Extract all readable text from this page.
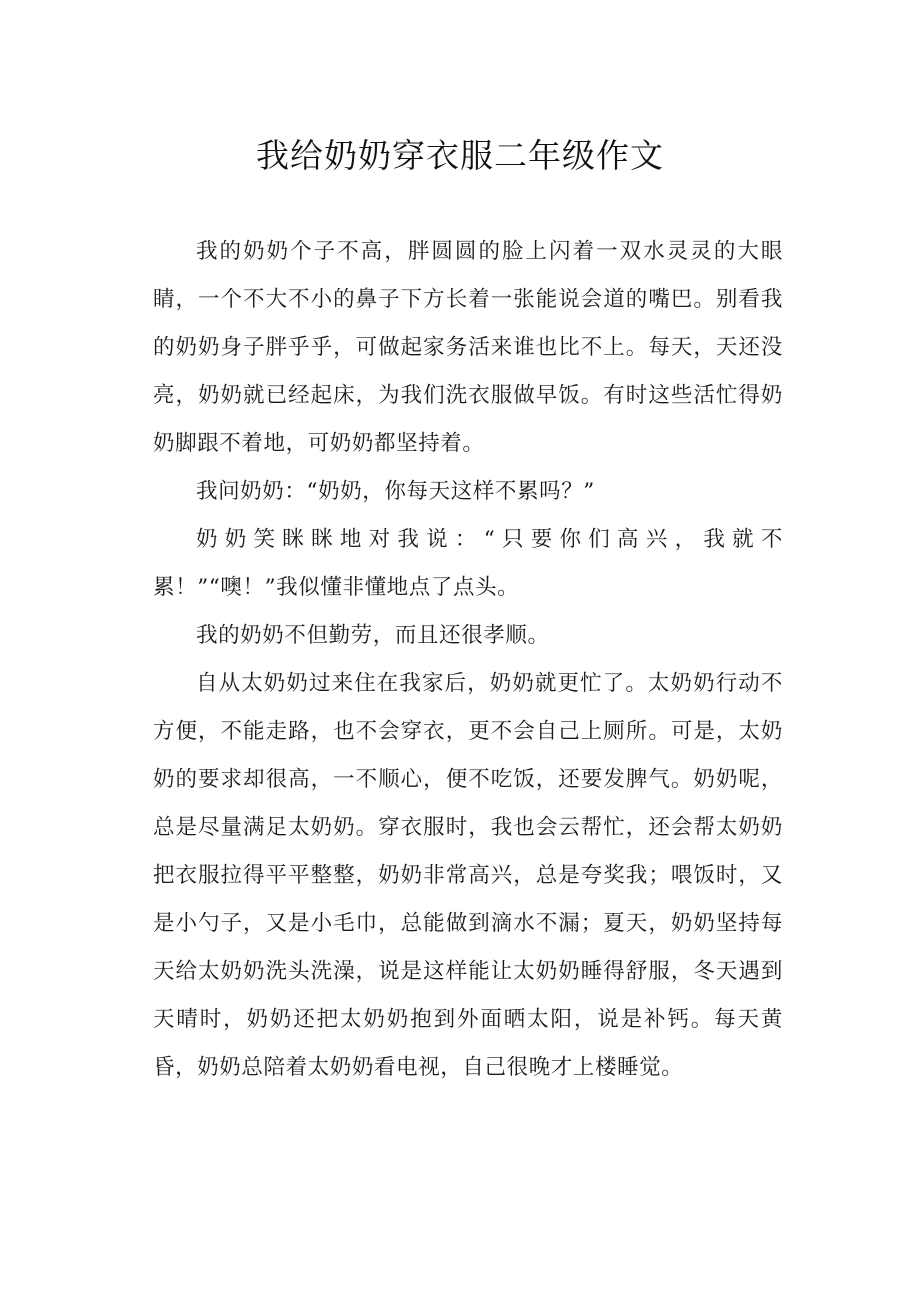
我给奶奶穿衣服二年级作文

我的奶奶个子不高，胖圆圆的脸上闪着一双水灵灵的大眼睛，一个不大不小的鼻子下方长着一张能说会道的嘴巴。别看我的奶奶身子胖乎乎，可做起家务活来谁也比不上。每天，天还没亮，奶奶就已经起床，为我们洗衣服做早饭。有时这些活忙得奶奶脚跟不着地，可奶奶都坚持着。

我问奶奶：“奶奶，你每天这样不累吗？”

奶奶笑眯眯地对我说：“只要你们高兴，我就不累！”“噢！”我似懂非懂地点了点头。

我的奶奶不但勤劳，而且还很孝顺。

自从太奶奶过来住在我家后，奶奶就更忙了。太奶奶行动不方便，不能走路，也不会穿衣，更不会自己上厕所。可是，太奶奶的要求却很高，一不顺心，便不吃饭，还要发脾气。奶奶呢，总是尽量满足太奶奶。穿衣服时，我也会云帮忙，还会帮太奶奶把衣服拉得平平整整，奶奶非常高兴，总是夸奖我；喂饭时，又是小勺子，又是小毛巾，总能做到滴水不漏；夏天，奶奶坚持每天给太奶奶洗头洗澡，说是这样能让太奶奶睡得舒服，冬天遇到天晴时，奶奶还把太奶奶抱到外面晒太阳，说是补钙。每天黄昏，奶奶总陪着太奶奶看电视，自己很晚才上楼睡觉。
